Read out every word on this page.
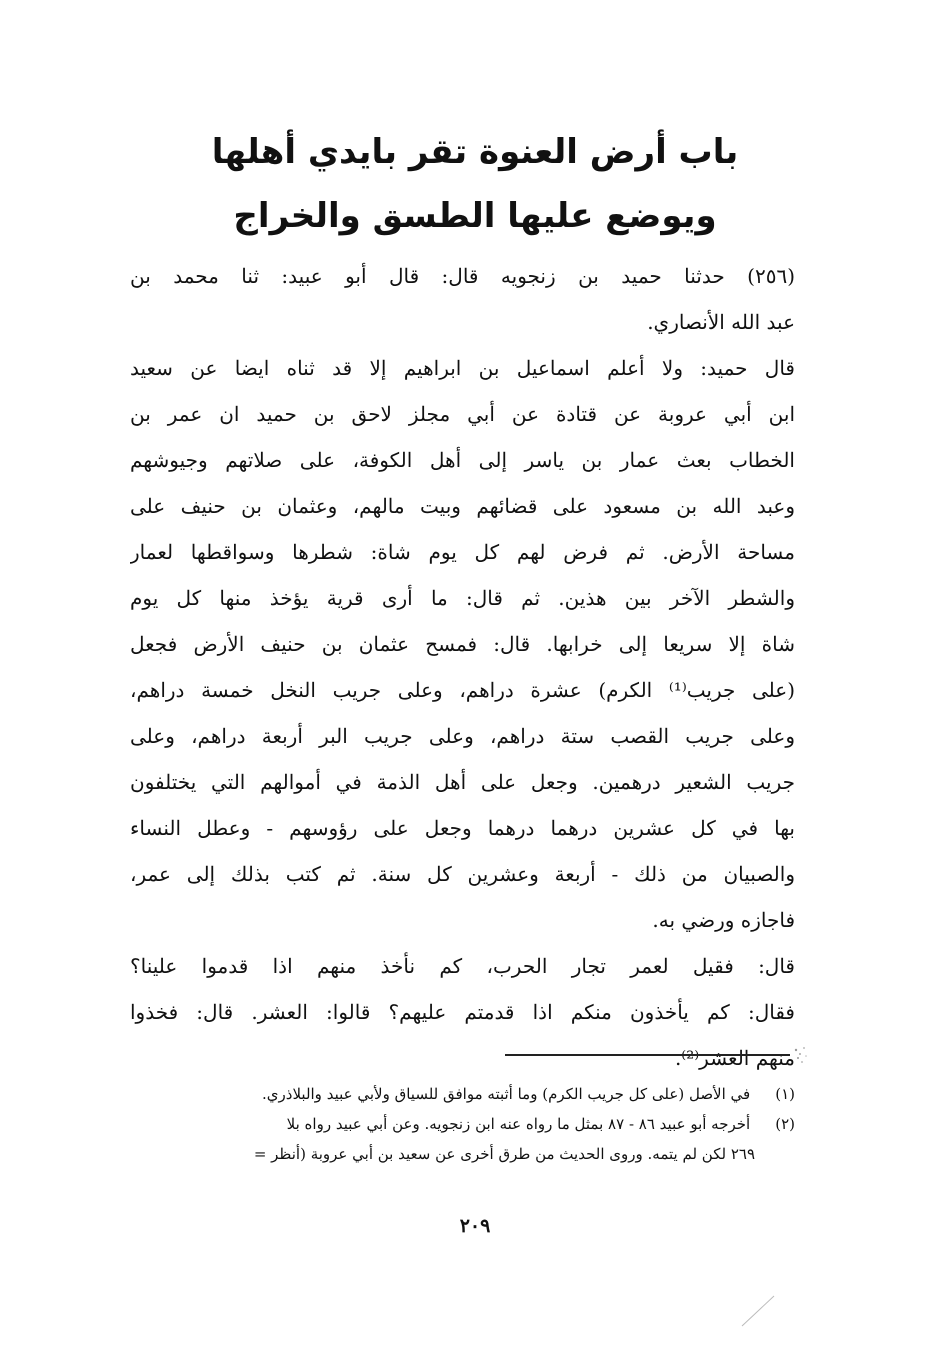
باب أرض العنوة تقر بايدي أهلها
ويوضع عليها الطسق والخراج
(٢٥٦) حدثنا حميد بن زنجويه قال: قال أبو عبيد: ثنا محمد بن
عبد الله الأنصاري.
قال حميد: ولا أعلم اسماعيل بن ابراهيم إلا قد ثناه ايضا عن سعيد
ابن أبي عروبة عن قتادة عن أبي مجلز لاحق بن حميد ان عمر بن
الخطاب بعث عمار بن ياسر إلى أهل الكوفة، على صلاتهم وجيوشهم
وعبد الله بن مسعود على قضائهم وبيت مالهم، وعثمان بن حنيف على
مساحة الأرض. ثم فرض لهم كل يوم شاة: شطرها وسواقطها لعمار
والشطر الآخر بين هذين. ثم قال: ما أرى قرية يؤخذ منها كل يوم
شاة إلا سريعا إلى خرابها. قال: فمسح عثمان بن حنيف الأرض فجعل
(على جريب⁽¹⁾ الكرم) عشرة دراهم، وعلى جريب النخل خمسة دراهم،
وعلى جريب القصب ستة دراهم، وعلى جريب البر أربعة دراهم، وعلى
جريب الشعير درهمين. وجعل على أهل الذمة في أموالهم التي يختلفون
بها في كل عشرين درهما درهما وجعل على رؤوسهم - وعطل النساء
والصبيان من ذلك - أربعة وعشرين كل سنة. ثم كتب بذلك إلى عمر،
فاجازه ورضي به.
قال: فقيل لعمر تجار الحرب، كم نأخذ منهم اذا قدموا علينا؟
فقال: كم يأخذون منكم اذا قدمتم عليهم؟ قالوا: العشر. قال: فخذوا
منهم العشر⁽²⁾.
(١) في الأصل (على كل جريب الكرم) وما أثبته موافق للسياق ولأبي عبيد والبلاذري.
(٢) أخرجه أبو عبيد ٨٦ - ٨٧ بمثل ما رواه عنه ابن زنجويه. وعن أبي عبيد رواه بلا
٢٦٩ لكن لم يتمه. وروى الحديث من طرق أخرى عن سعيد بن أبي عروبة (أنظر =
٢٠٩
